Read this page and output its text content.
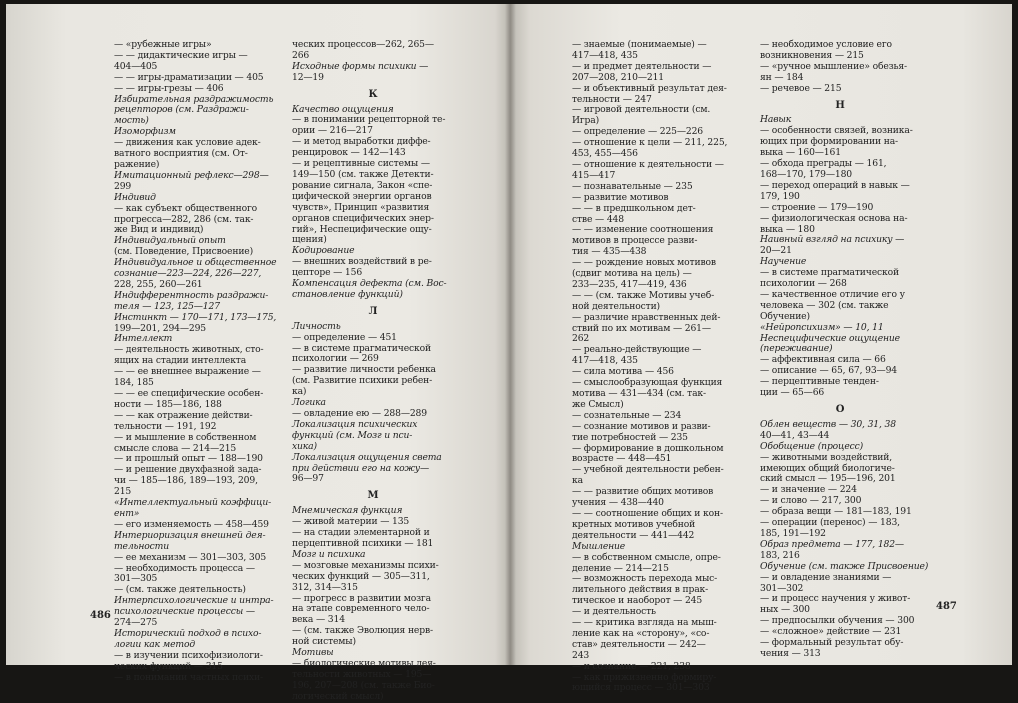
— «рубежные игры»
— — дидактические игры —
404—405
— — игры-драматизации — 405
— — игры-грезы — 406
Избирательная раздражимость
рецепторов (см. Раздражи-
мость)
Изоморфизм
— движения как условие адек-
ватного восприятия (см. От-
ражение)
Имитационный рефлекс—298—
299
Индивид
— как субъект общественного
прогресса—282, 286 (см. так-
же Вид и индивид)
Индивидуальный опыт
(см. Поведение, Присвоение)
Индивидуальное и общественное
сознание—223—224, 226—227,
228, 255, 260—261
Индифферентность раздражи-
теля — 123, 125—127
Инстинкт — 170—171, 173—175,
199—201, 294—295
Интеллект
— деятельность животных, сто-
ящих на стадии интеллекта
— — ее внешнее выражение —
184, 185
— — ее специфические особен-
ности — 185—186, 188
— — как отражение действи-
тельности — 191, 192
— и мышление в собственном
смысле слова — 214—215
— и прошлый опыт — 188—190
— и решение двухфазной зада-
чи — 185—186, 189—193, 209,
215
«Интеллектуальный коэффици-
ент»
— его изменяемость — 458—459
Интериоризация внешней дея-
тельности
— ее механизм — 301—303, 305
— необходимость процесса —
301—305
— (см. также деятельность)
Интерпсихологические и интра-
психологические процессы —
274—275
Исторический подход в психо-
логии как метод
— в изучении психофизиологи-
ческих функций — 315
— в понимании частных психи-
ческих процессов—262, 265—
266
Исходные формы психики —
12—19
К
Качество ощущения
— в понимании рецепторной те-
ории — 216—217
— и метод выработки диффе-
ренцировок — 142—143
— и рецептивные системы —
149—150 (см. также Детекти-
рование сигнала, Закон «спе-
цифической энергии органов
чувств», Принцип «развития
органов специфических энер-
гий», Неспецифические ощу-
щения)
Кодирование
— внешних воздействий в ре-
цепторе — 156
Компенсация дефекта (см. Вос-
становление функций)
Л
Личность
— определение — 451
— в системе прагматической
психологии — 269
— развитие личности ребенка
(см. Развитие психики ребен-
ка)
Логика
— овладение ею — 288—289
Локализация психических
функций (см. Мозг и пси-
хика)
Локализация ощущения света
при действии его на кожу—
96—97
М
Мнемическая функция
— живой материи — 135
— на стадии элементарной и
перцептивной психики — 181
Мозг и психика
— мозговые механизмы психи-
ческих функций — 305—311,
312, 314—315
— прогресс в развитии мозга
на этапе современного чело-
века — 314
— (см. также Эволюция нерв-
ной системы)
Мотивы
— биологические мотивы дея-
тельности животных — 195—
196, 207—208 (см. также Био-
логический смысл)
486
— знаемые (понимаемые) —
417—418, 435
— и предмет деятельности —
207—208, 210—211
— и объективный результат дея-
тельности — 247
— игровой деятельности (см.
Игра)
— определение — 225—226
— отношение к цели — 211, 225,
453, 455—456
— отношение к деятельности —
415—417
— познавательные — 235
— развитие мотивов
— — в предшкольном дет-
стве — 448
— — изменение соотношения
мотивов в процессе разви-
тия — 435—438
— — рождение новых мотивов
(сдвиг мотива на цель) —
233—235, 417—419, 436
— — (см. также Мотивы учеб-
ной деятельности)
— различие нравственных дей-
ствий по их мотивам — 261—
262
— реально-действующие —
417—418, 435
— сила мотива — 456
— смыслообразующая функция
мотива — 431—434 (см. так-
же Смысл)
— сознательные — 234
— сознание мотивов и разви-
тие потребностей — 235
— формирование в дошкольном
возрасте — 448—451
— учебной деятельности ребен-
ка
— — развитие общих мотивов
учения — 438—440
— — соотношение общих и кон-
кретных мотивов учебной
деятельности — 441—442
Мышление
— в собственном смысле, опре-
деление — 214—215
— возможность перехода мыс-
лительного действия в прак-
тическое и наоборот — 245
— и деятельность
— — критика взгляда на мыш-
ление как на «сторону», «со-
став» деятельности — 242—
243
— и сознание — 221, 238
— как прижизненно формиру-
ющийся процесс — 301—303
— необходимое условие его
возникновения — 215
— «ручное мышление» обезья-
ян — 184
— речевое — 215
Н
Навык
— особенности связей, возника-
ющих при формировании на-
выка — 160—161
— обхода преграды — 161,
168—170, 179—180
— переход операций в навык —
179, 190
— строение — 179—190
— физиологическая основа на-
выка — 180
Наивный взгляд на психику —
20—21
Научение
— в системе прагматической
психологии — 268
— качественное отличие его у
человека — 302 (см. также
Обучение)
«Нейропсихизм» — 10, 11
Неспецифические ощущение
(переживание)
— аффективная сила — 66
— описание — 65, 67, 93—94
— перцептивные тенден-
ции — 65—66
О
Облен веществ — 30, 31, 38
40—41, 43—44
Обобщение (процесс)
— животными воздействий,
имеющих общий биологиче-
ский смысл — 195—196, 201
— и значение — 224
— и слово — 217, 300
— образа вещи — 181—183, 191
— операции (перенос) — 183,
185, 191—192
Образ предмета — 177, 182—
183, 216
Обучение (см. также Присвоение)
— и овладение знаниями —
301—302
— и процесс научения у живот-
ных — 300
— предпосылки обучения — 300
— «сложное» действие — 231
— формальный результат обу-
чения — 313
487
